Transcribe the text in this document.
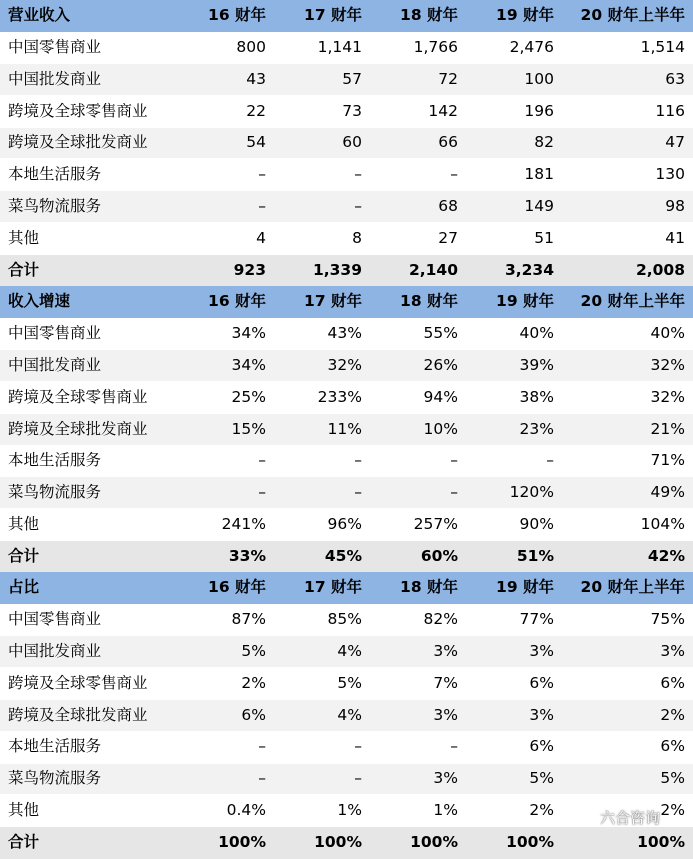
营业收入	16 财年	17 财年	18 财年	19 财年	20 财年上半年
中国零售商业	800	1,141	1,766	2,476	1,514
中国批发商业	43	57	72	100	63
跨境及全球零售商业	22	73	142	196	116
跨境及全球批发商业	54	60	66	82	47
本地生活服务	–	–	–	181	130
菜鸟物流服务	–	–	68	149	98
其他	4	8	27	51	41
合计	923	1,339	2,140	3,234	2,008
收入增速	16 财年	17 财年	18 财年	19 财年	20 财年上半年
中国零售商业	34%	43%	55%	40%	40%
中国批发商业	34%	32%	26%	39%	32%
跨境及全球零售商业	25%	233%	94%	38%	32%
跨境及全球批发商业	15%	11%	10%	23%	21%
本地生活服务	–	–	–	–	71%
菜鸟物流服务	–	–	–	120%	49%
其他	241%	96%	257%	90%	104%
合计	33%	45%	60%	51%	42%
占比	16 财年	17 财年	18 财年	19 财年	20 财年上半年
中国零售商业	87%	85%	82%	77%	75%
中国批发商业	5%	4%	3%	3%	3%
跨境及全球零售商业	2%	5%	7%	6%	6%
跨境及全球批发商业	6%	4%	3%	3%	2%
本地生活服务	–	–	–	6%	6%
菜鸟物流服务	–	–	3%	5%	5%
其他	0.4%	1%	1%	2%	2%
合计	100%	100%	100%	100%	100%
六合咨询
